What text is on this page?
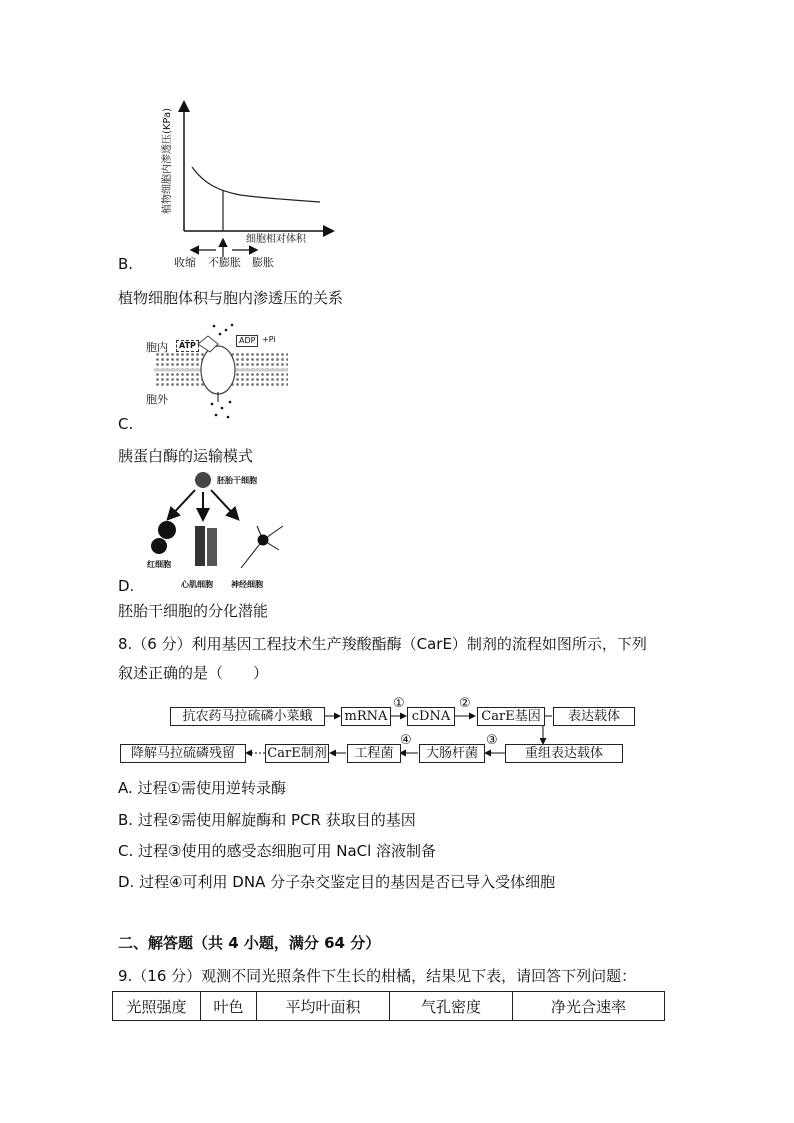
植物细胞内渗透压(KPa)
细胞相对体积
收缩 不膨胀 膨胀
B.
植物细胞体积与胞内渗透压的关系
胞内
胞外
ATP
ADP +Pi
C.
胰蛋白酶的运输模式
胚胎干细胞
红细胞
心肌细胞 神经细胞
D.
胚胎干细胞的分化潜能
8.（6 分）利用基因工程技术生产羧酸酯酶（CarE）制剂的流程如图所示，下列
叙述正确的是（　　）
抗农药马拉硫磷小菜蛾	mRNA	cDNA	CarE基因	表达载体
降解马拉硫磷残留	CarE制剂	工程菌	大肠杆菌	重组表达载体
①	②
③
④
A. 过程①需使用逆转录酶
B. 过程②需使用解旋酶和 PCR 获取目的基因
C. 过程③使用的感受态细胞可用 NaCl 溶液制备
D. 过程④可利用 DNA 分子杂交鉴定目的基因是否已导入受体细胞
二、解答题（共 4 小题，满分 64 分）
9.（16 分）观测不同光照条件下生长的柑橘，结果见下表，请回答下列问题：
光照强度	叶色	平均叶面积	气孔密度	净光合速率
